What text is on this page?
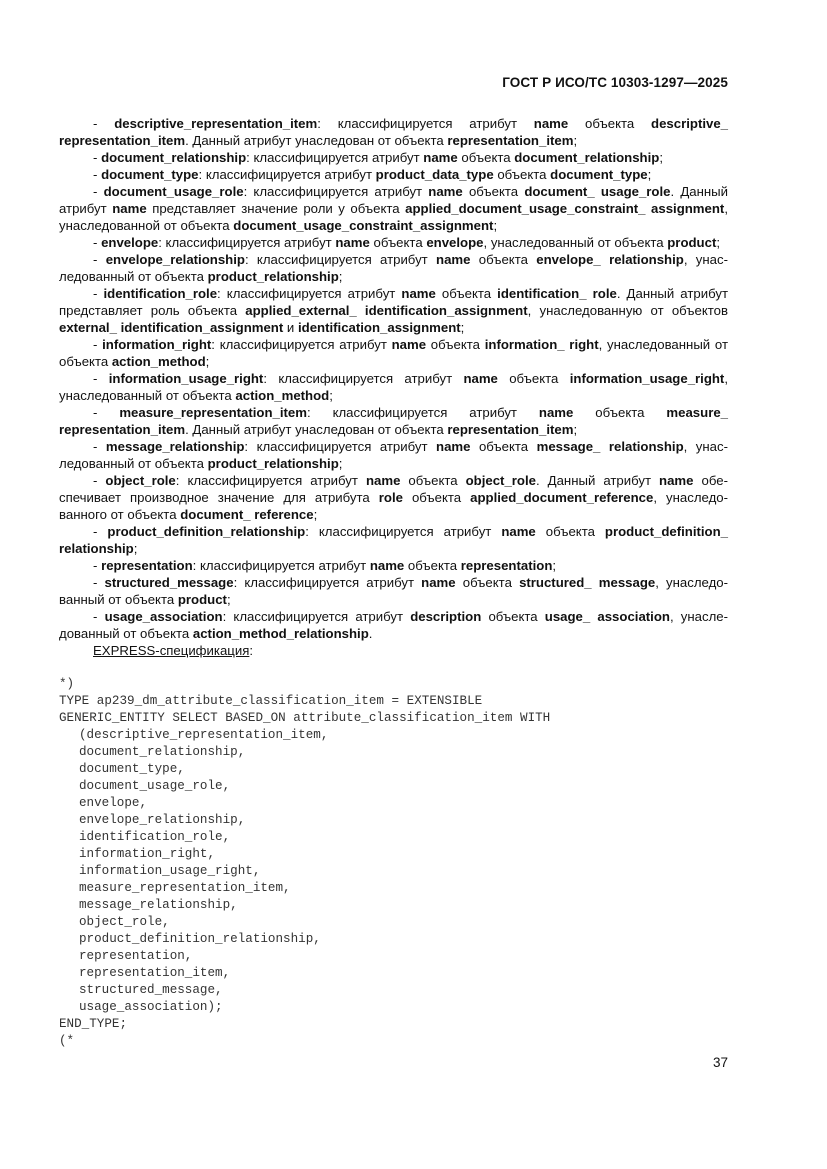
ГОСТ Р ИСО/ТС 10303-1297—2025

- descriptive_representation_item: классифицируется атрибут name объекта descriptive_ representation_item. Данный атрибут унаследован от объекта representation_item;

- document_relationship: классифицируется атрибут name объекта document_relationship;

- document_type: классифицируется атрибут product_data_type объекта document_type;

- document_usage_role: классифицируется атрибут name объекта document_ usage_role. Данный атрибут name представляет значение роли у объекта applied_document_usage_constraint_ assignment, унаследованной от объекта document_usage_constraint_assignment;

- envelope: классифицируется атрибут name объекта envelope, унаследованный от объекта product;

- envelope_relationship: классифицируется атрибут name объекта envelope_ relationship, унаследованный от объекта product_relationship;

- identification_role: классифицируется атрибут name объекта identification_ role. Данный атрибут представляет роль объекта applied_external_ identification_assignment, унаследованную от объектов external_ identification_assignment и identification_assignment;

- information_right: классифицируется атрибут name объекта information_ right, унаследованный от объекта action_method;

- information_usage_right: классифицируется атрибут name объекта information_usage_right, унаследованный от объекта action_method;

- measure_representation_item: классифицируется атрибут name объекта measure_ representation_item. Данный атрибут унаследован от объекта representation_item;

- message_relationship: классифицируется атрибут name объекта message_ relationship, унаследованный от объекта product_relationship;

- object_role: классифицируется атрибут name объекта object_role. Данный атрибут name обеспечивает производное значение для атрибута role объекта applied_document_reference, унаследованного от объекта document_ reference;

- product_definition_relationship: классифицируется атрибут name объекта product_definition_ relationship;

- representation: классифицируется атрибут name объекта representation;

- structured_message: классифицируется атрибут name объекта structured_ message, унаследованный от объекта product;

- usage_association: классифицируется атрибут description объекта usage_ association, унаследованный от объекта action_method_relationship.

EXPRESS-спецификация:

*)
TYPE ap239_dm_attribute_classification_item = EXTENSIBLE
GENERIC_ENTITY SELECT BASED_ON attribute_classification_item WITH
(descriptive_representation_item,
document_relationship,
document_type,
document_usage_role,
envelope,
envelope_relationship,
identification_role,
information_right,
information_usage_right,
measure_representation_item,
message_relationship,
object_role,
product_definition_relationship,
representation,
representation_item,
structured_message,
usage_association);
END_TYPE;
(*
37
